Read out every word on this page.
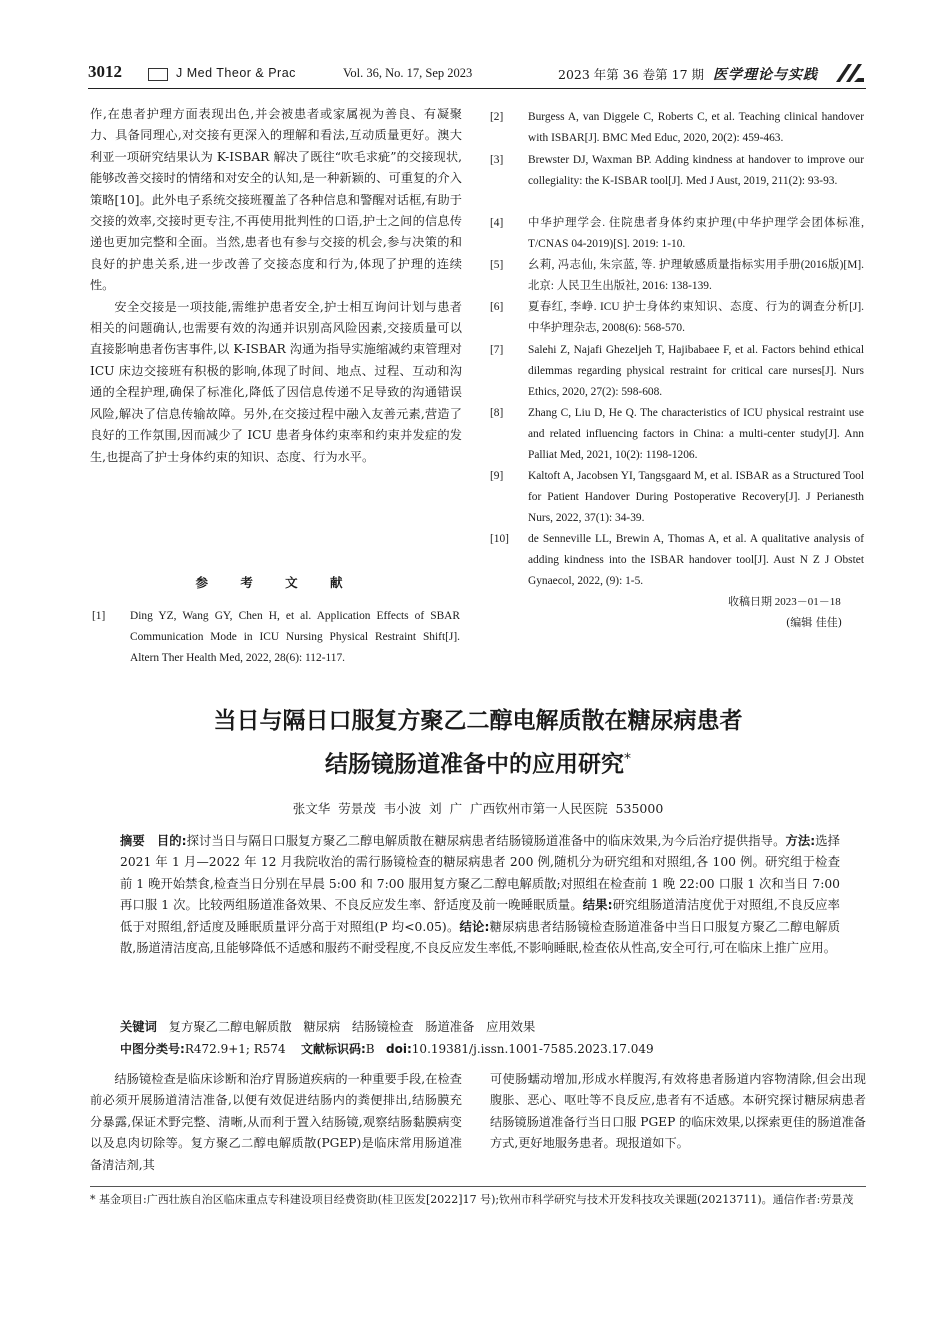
3012	J Med Theor & Prac	Vol. 36, No. 17, Sep 2023	2023 年第 36 卷第 17 期 医学理论与实践

作,在患者护理方面表现出色,并会被患者或家属视为善良、有凝聚力、具备同理心,对交接有更深入的理解和看法,互动质量更好。澳大利亚一项研究结果认为 K-ISBAR 解决了既往“吹毛求疵”的交接现状,能够改善交接时的情绪和对安全的认知,是一种新颖的、可重复的介入策略[10]。此外电子系统交接班覆盖了各种信息和警醒对话框,有助于交接的效率,交接时更专注,不再使用批判性的口语,护士之间的信息传递也更加完整和全面。当然,患者也有参与交接的机会,参与决策的和良好的护患关系,进一步改善了交接态度和行为,体现了护理的连续性。

安全交接是一项技能,需维护患者安全,护士相互询问计划与患者相关的问题确认,也需要有效的沟通并识别高风险因素,交接质量可以直接影响患者伤害事件,以 K-ISBAR 沟通为指导实施缩减约束管理对 ICU 床边交接班有积极的影响,体现了时间、地点、过程、互动和沟通的全程护理,确保了标准化,降低了因信息传递不足导致的沟通错误风险,解决了信息传输故障。另外,在交接过程中融入友善元素,营造了良好的工作氛围,因而减少了 ICU 患者身体约束率和约束并发症的发生,也提高了护士身体约束的知识、态度、行为水平。

参 考 文 献
[1] Ding YZ, Wang GY, Chen H, et al. Application Effects of SBAR Communication Mode in ICU Nursing Physical Restraint Shift[J]. Altern Ther Health Med, 2022, 28(6): 112-117.
[2] Burgess A, van Diggele C, Roberts C, et al. Teaching clinical handover with ISBAR[J]. BMC Med Educ, 2020, 20(2): 459-463.
[3] Brewster DJ, Waxman BP. Adding kindness at handover to improve our collegiality: the K-ISBAR tool[J]. Med J Aust, 2019, 211(2): 93-93.
[4] 中华护理学会. 住院患者身体约束护理(中华护理学会团体标准, T/CNAS 04-2019)[S]. 2019: 1-10.
[5] 幺莉, 冯志仙, 朱宗蓝, 等. 护理敏感质量指标实用手册(2016版)[M]. 北京: 人民卫生出版社, 2016: 138-139.
[6] 夏春红, 李峥. ICU 护士身体约束知识、态度、行为的调查分析[J]. 中华护理杂志, 2008(6): 568-570.
[7] Salehi Z, Najafi Ghezeljeh T, Hajibabaee F, et al. Factors behind ethical dilemmas regarding physical restraint for critical care nurses[J]. Nurs Ethics, 2020, 27(2): 598-608.
[8] Zhang C, Liu D, He Q. The characteristics of ICU physical restraint use and related influencing factors in China: a multi-center study[J]. Ann Palliat Med, 2021, 10(2): 1198-1206.
[9] Kaltoft A, Jacobsen YI, Tangsgaard M, et al. ISBAR as a Structured Tool for Patient Handover During Postoperative Recovery[J]. J Perianesth Nurs, 2022, 37(1): 34-39.
[10] de Senneville LL, Brewin A, Thomas A, et al. A qualitative analysis of adding kindness into the ISBAR handover tool[J]. Aust N Z J Obstet Gynaecol, 2022, (9): 1-5.
收稿日期 2023－01－18
(编辑 佳佳)
当日与隔日口服复方聚乙二醇电解质散在糖尿病患者
结肠镜肠道准备中的应用研究*
张文华 劳景茂 韦小波 刘 广 广西钦州市第一人民医院 535000
摘要 目的:探讨当日与隔日口服复方聚乙二醇电解质散在糖尿病患者结肠镜肠道准备中的临床效果,为今后治疗提供指导。方法:选择 2021 年 1 月—2022 年 12 月我院收治的需行肠镜检查的糖尿病患者 200 例,随机分为研究组和对照组,各 100 例。研究组于检查前 1 晚开始禁食,检查当日分别在早晨 5:00 和 7:00 服用复方聚乙二醇电解质散;对照组在检查前 1 晚 22:00 口服 1 次和当日 7:00 再口服 1 次。比较两组肠道准备效果、不良反应发生率、舒适度及前一晚睡眠质量。结果:研究组肠道清洁度优于对照组,不良反应率低于对照组,舒适度及睡眠质量评分高于对照组(P 均<0.05)。结论:糖尿病患者结肠镜检查肠道准备中当日口服复方聚乙二醇电解质散,肠道清洁度高,且能够降低不适感和服药不耐受程度,不良反应发生率低,不影响睡眠,检查依从性高,安全可行,可在临床上推广应用。
关键词 复方聚乙二醇电解质散   糖尿病   结肠镜检查   肠道准备   应用效果
中图分类号:R472.9+1; R574 文献标识码:B doi:10.19381/j.issn.1001-7585.2023.17.049

结肠镜检查是临床诊断和治疗胃肠道疾病的一种重要手段,在检查前必须开展肠道清洁准备,以便有效促进结肠内的粪便排出,结肠膜充分暴露,保证术野完整、清晰,从而利于置入结肠镜,观察结肠黏膜病变以及息肉切除等。复方聚乙二醇电解质散(PGEP)是临床常用肠道准备清洁剂,其

可使肠蠕动增加,形成水样腹泻,有效将患者肠道内容物清除,但会出现腹胀、恶心、呕吐等不良反应,患者有不适感。本研究探讨糖尿病患者结肠镜肠道准备行当日口服 PGEP 的临床效果,以探索更佳的肠道准备方式,更好地服务患者。现报道如下。

* 基金项目:广西壮族自治区临床重点专科建设项目经费资助(桂卫医发[2022]17 号);钦州市科学研究与技术开发科技攻关课题(20213711)。通信作者:劳景茂
